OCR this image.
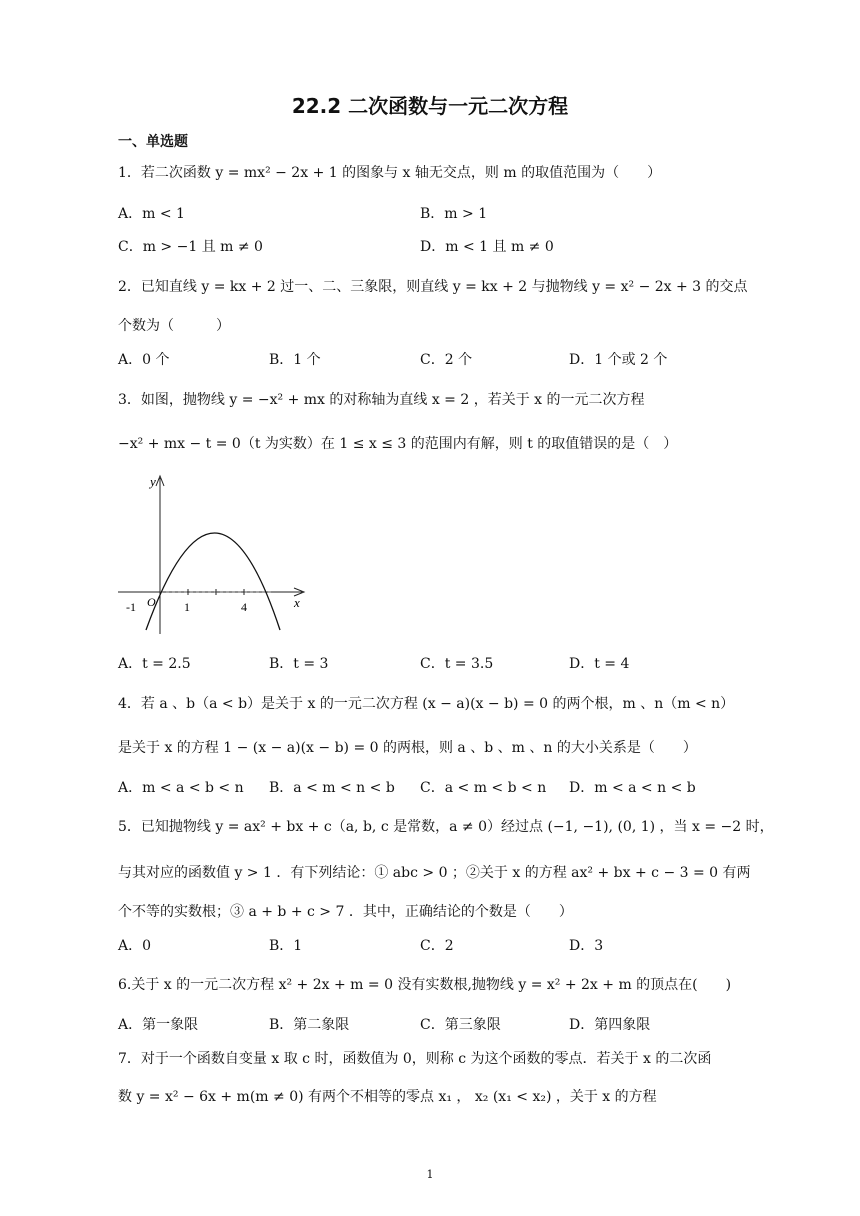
22.2 二次函数与一元二次方程
一、单选题
1．若二次函数 y = mx² − 2x + 1 的图象与 x 轴无交点，则 m 的取值范围为（　　）
A．m < 1	B．m > 1
C．m > −1 且 m ≠ 0	D．m < 1 且 m ≠ 0
2．已知直线 y = kx + 2 过一、二、三象限，则直线 y = kx + 2 与抛物线 y = x² − 2x + 3 的交点
个数为（　　　）
A．0 个	B．1 个	C．2 个	D．1 个或 2 个
3．如图，抛物线 y = −x² + mx 的对称轴为直线 x = 2 ，若关于 x 的一元二次方程
−x² + mx − t = 0（t 为实数）在 1 ≤ x ≤ 3 的范围内有解，则 t 的取值错误的是（　）
y
x
O
-1	1	4
A．t = 2.5	B．t = 3	C．t = 3.5	D．t = 4
4．若 a 、b（a < b）是关于 x 的一元二次方程 (x − a)(x − b) = 0 的两个根，m 、n（m < n）
是关于 x 的方程 1 − (x − a)(x − b) = 0 的两根，则 a 、b 、m 、n 的大小关系是（　　）
A．m < a < b < n B．a < m < n < b C．a < m < b < n D．m < a < n < b
5．已知抛物线 y = ax² + bx + c（a, b, c 是常数，a ≠ 0）经过点 (−1, −1), (0, 1) ，当 x = −2 时，
与其对应的函数值 y > 1 ．有下列结论：① abc > 0 ；②关于 x 的方程 ax² + bx + c − 3 = 0 有两
个不等的实数根；③ a + b + c > 7 ．其中，正确结论的个数是（　　）
A．0	B．1	C．2	D．3
6.关于 x 的一元二次方程 x² + 2x + m = 0 没有实数根,抛物线 y = x² + 2x + m 的顶点在(　　)
A．第一象限	B．第二象限	C．第三象限	D．第四象限
7．对于一个函数自变量 x 取 c 时，函数值为 0，则称 c 为这个函数的零点．若关于 x 的二次函
数 y = x² − 6x + m(m ≠ 0) 有两个不相等的零点 x₁ ， x₂ (x₁ < x₂) ，关于 x 的方程
1
